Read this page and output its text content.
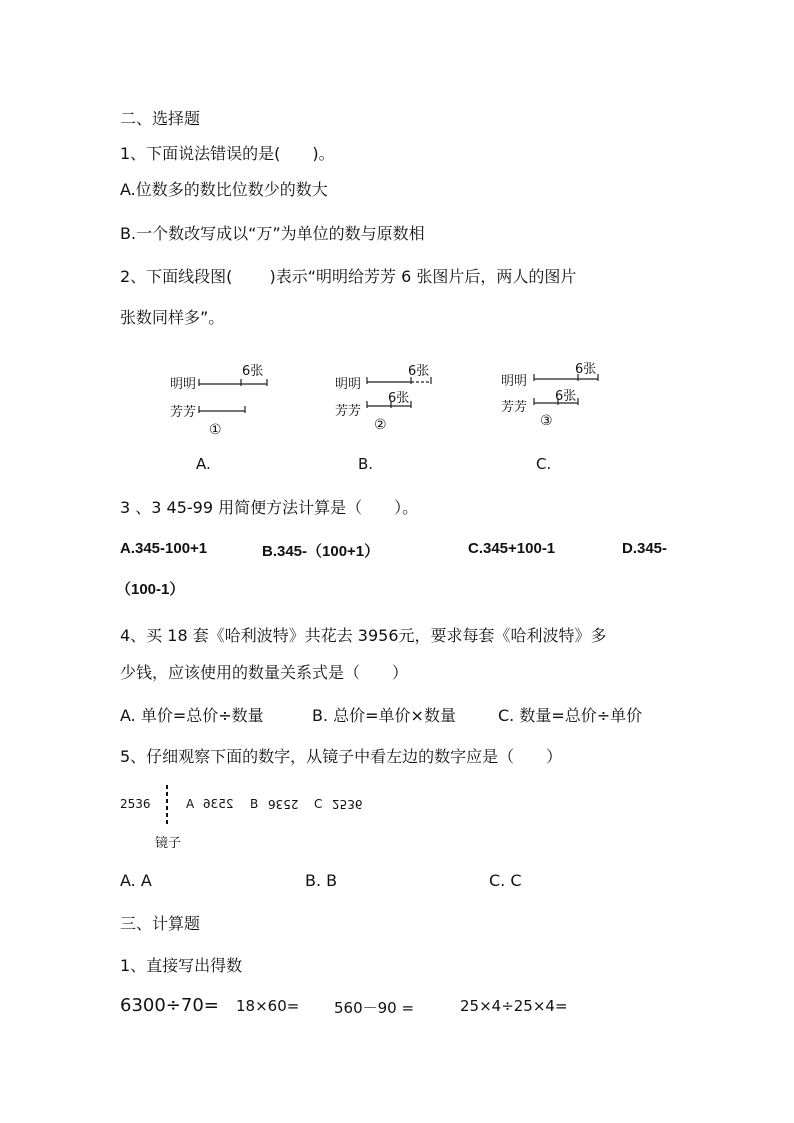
二、选择题
1、下面说法错误的是(　　)。
A.位数多的数比位数少的数大
B.一个数改写成以“万”为单位的数与原数相
2、下面线段图(　　 )表示“明明给芳芳 6 张图片后，两人的图片
张数同样多”。
明明
芳芳
6张
①
A.
明明
芳芳
6张
6张
②
B.
明明
芳芳
6张
6张
③
C.
3 、3 45-99 用简便方法计算是（　　）。
A.345-100+1	B.345-（100+1）	C.345+100-1	D.345-
（100-1）
4、买 18 套《哈利波特》共花去 3956元，要求每套《哈利波特》多
少钱，应该使用的数量关系式是（　　）
A. 单价=总价÷数量	B. 总价=单价×数量	C. 数量=总价÷单价
5、仔细观察下面的数字，从镜子中看左边的数字应是（　　）
2536	A 2536 B 2536 C 2536
镜子
A. A	B. B	C. C
三、计算题
1、直接写出得数
6300÷70= 18×60= 560－90 =	25×4÷25×4=
